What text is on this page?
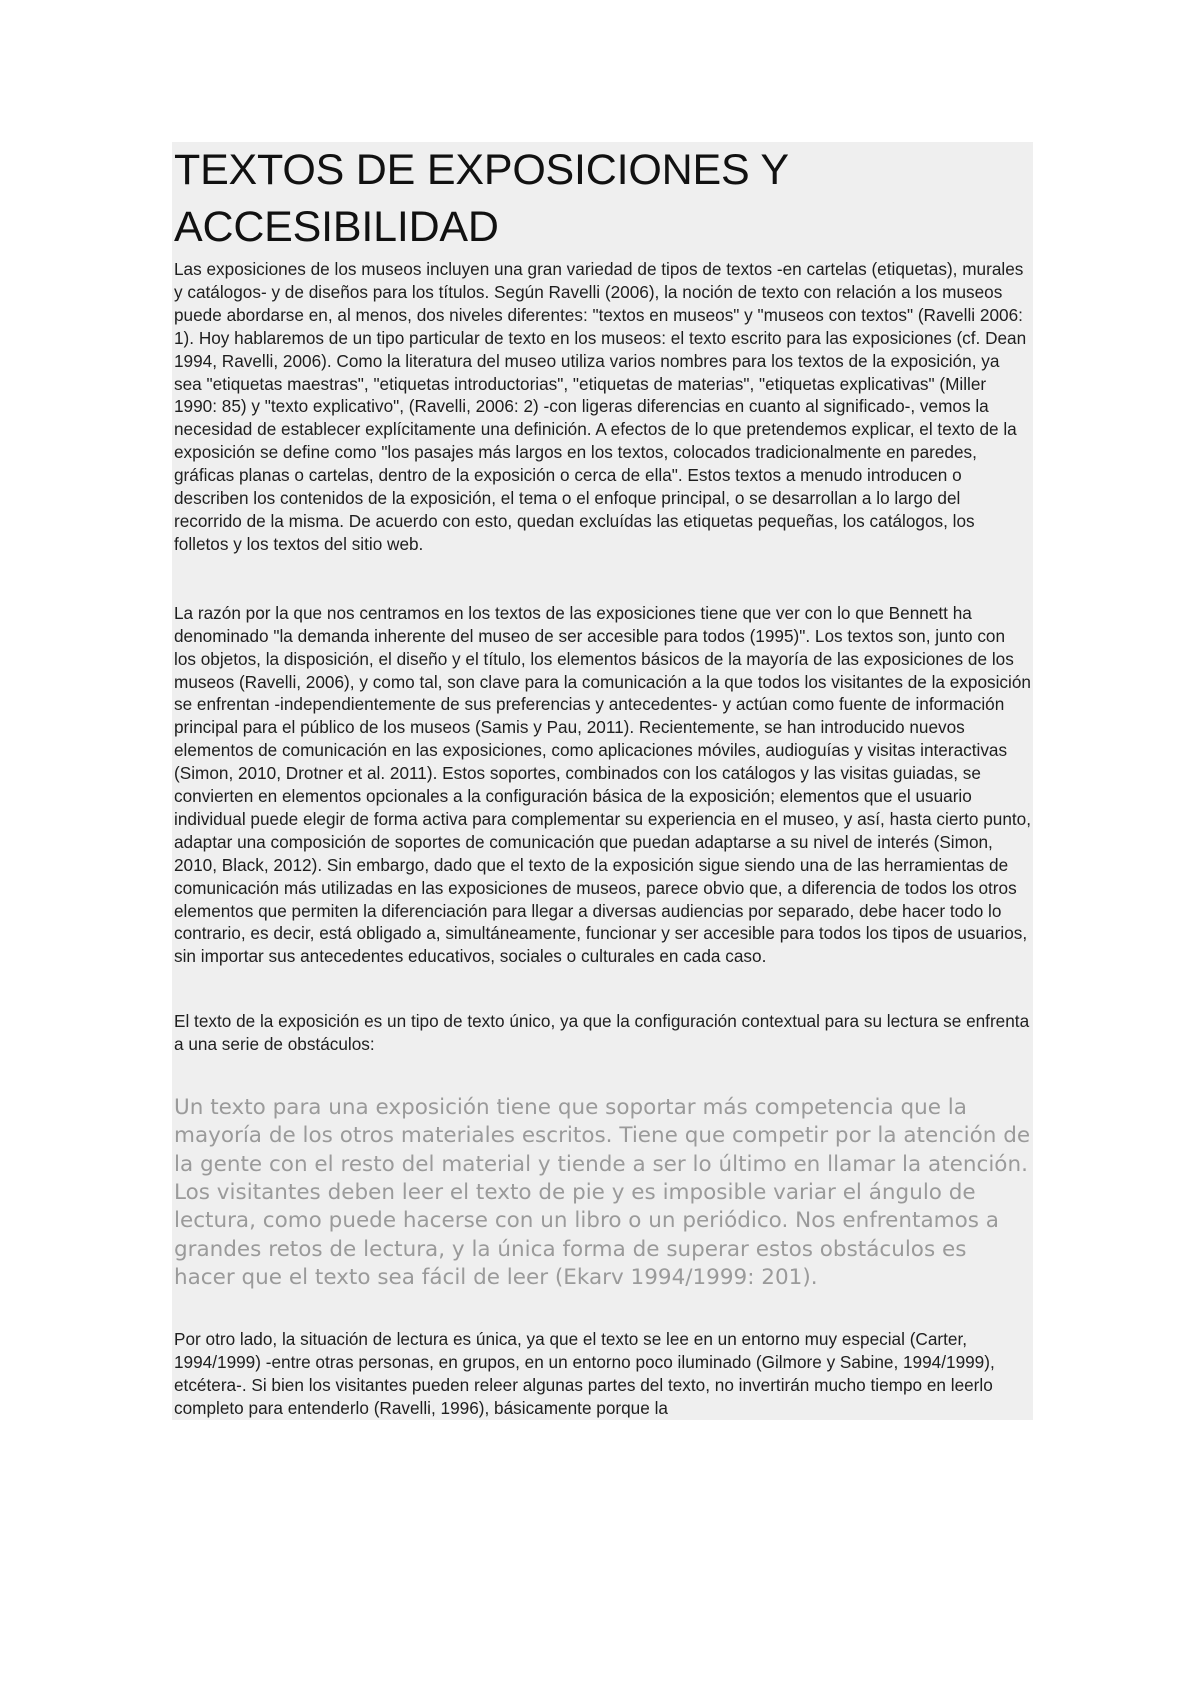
TEXTOS DE EXPOSICIONES Y ACCESIBILIDAD

Las exposiciones de los museos incluyen una gran variedad de tipos de textos -en cartelas (etiquetas), murales y catálogos- y de diseños para los títulos. Según Ravelli (2006), la noción de texto con relación a los museos puede abordarse en, al menos, dos niveles diferentes: "textos en museos" y "museos con textos" (Ravelli 2006: 1). Hoy hablaremos de un tipo particular de texto en los museos: el texto escrito para las exposiciones (cf. Dean 1994, Ravelli, 2006). Como la literatura del museo utiliza varios nombres para los textos de la exposición, ya sea "etiquetas maestras", "etiquetas introductorias", "etiquetas de materias", "etiquetas explicativas" (Miller 1990: 85) y "texto explicativo", (Ravelli, 2006: 2) -con ligeras diferencias en cuanto al significado-, vemos la necesidad de establecer explícitamente una definición. A efectos de lo que pretendemos explicar, el texto de la exposición se define como "los pasajes más largos en los textos, colocados tradicionalmente en paredes, gráficas planas o cartelas, dentro de la exposición o cerca de ella". Estos textos a menudo introducen o describen los contenidos de la exposición, el tema o el enfoque principal, o se desarrollan a lo largo del recorrido de la misma. De acuerdo con esto, quedan excluídas las etiquetas pequeñas, los catálogos, los folletos y los textos del sitio web.

La razón por la que nos centramos en los textos de las exposiciones tiene que ver con lo que Bennett ha denominado "la demanda inherente del museo de ser accesible para todos (1995)". Los textos son, junto con los objetos, la disposición, el diseño y el título, los elementos básicos de la mayoría de las exposiciones de los museos (Ravelli, 2006), y como tal, son clave para la comunicación a la que todos los visitantes de la exposición se enfrentan -independientemente de sus preferencias y antecedentes- y actúan como fuente de información principal para el público de los museos (Samis y Pau, 2011). Recientemente, se han introducido nuevos elementos de comunicación en las exposiciones, como aplicaciones móviles, audioguías y visitas interactivas (Simon, 2010, Drotner et al. 2011). Estos soportes, combinados con los catálogos y las visitas guiadas, se convierten en elementos opcionales a la configuración básica de la exposición; elementos que el usuario individual puede elegir de forma activa para complementar su experiencia en el museo, y así, hasta cierto punto, adaptar una composición de soportes de comunicación que puedan adaptarse a su nivel de interés (Simon, 2010, Black, 2012). Sin embargo, dado que el texto de la exposición sigue siendo una de las herramientas de comunicación más utilizadas en las exposiciones de museos, parece obvio que, a diferencia de todos los otros elementos que permiten la diferenciación para llegar a diversas audiencias por separado, debe hacer todo lo contrario, es decir, está obligado a, simultáneamente, funcionar y ser accesible para todos los tipos de usuarios, sin importar sus antecedentes educativos, sociales o culturales en cada caso.

El texto de la exposición es un tipo de texto único, ya que la configuración contextual para su lectura se enfrenta a una serie de obstáculos:

Un texto para una exposición tiene que soportar más competencia que la mayoría de los otros materiales escritos. Tiene que competir por la atención de la gente con el resto del material y tiende a ser lo último en llamar la atención. Los visitantes deben leer el texto de pie y es imposible variar el ángulo de lectura, como puede hacerse con un libro o un periódico. Nos enfrentamos a grandes retos de lectura, y la única forma de superar estos obstáculos es hacer que el texto sea fácil de leer (Ekarv 1994/1999: 201).

Por otro lado, la situación de lectura es única, ya que el texto se lee en un entorno muy especial (Carter, 1994/1999) -entre otras personas, en grupos, en un entorno poco iluminado (Gilmore y Sabine, 1994/1999), etcétera-. Si bien los visitantes pueden releer algunas partes del texto, no invertirán mucho tiempo en leerlo completo para entenderlo (Ravelli, 1996), básicamente porque la
